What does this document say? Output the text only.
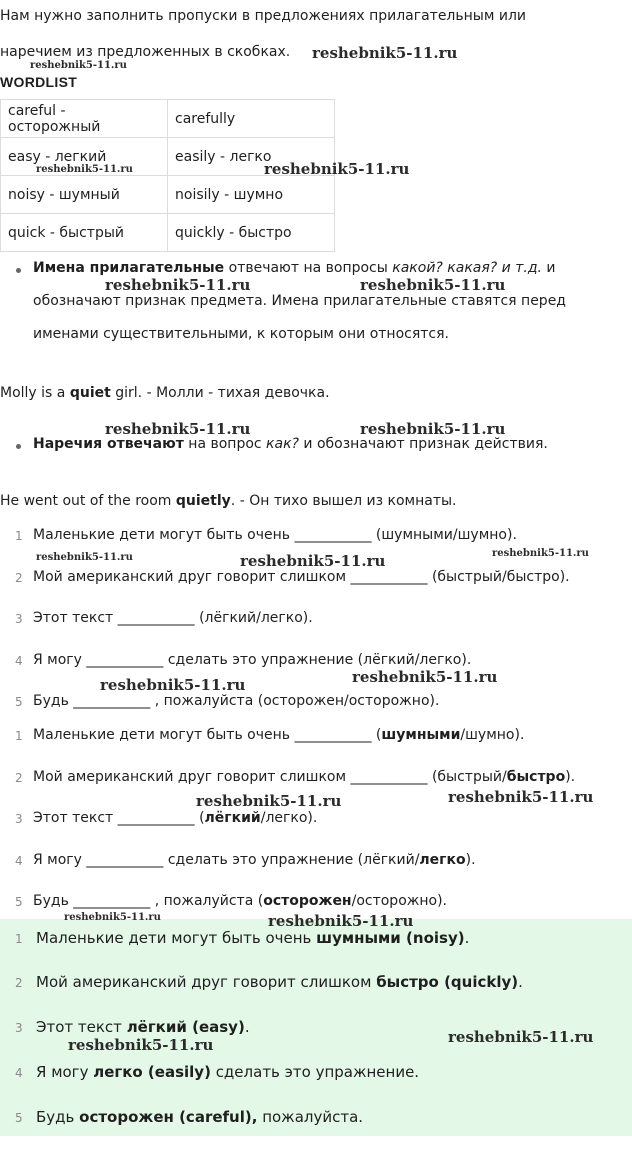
Нам нужно заполнить пропуски в предложениях прилагательным или
наречием из предложенных в скобках.
WORDLIST
careful - осторожный	carefully
easy - легкий	easily - легко
noisy - шумный	noisily - шумно
quick - быстрый	quickly - быстро
Имена прилагательные отвечают на вопросы какой? какая? и т.д. и
обозначают признак предмета. Имена прилагательные ставятся перед
именами существительными, к которым они относятся.
Molly is a quiet girl. - Молли - тихая девочка.
Наречия отвечают на вопрос как? и обозначают признак действия.
He went out of the room quietly. - Он тихо вышел из комнаты.
1 Маленькие дети могут быть очень ___________ (шумными/шумно).
2 Мой американский друг говорит слишком ___________ (быстрый/быстро).
3 Этот текст ___________ (лёгкий/легко).
4 Я могу ___________ сделать это упражнение (лёгкий/легко).
5 Будь ___________ , пожалуйста (осторожен/осторожно).
1 Маленькие дети могут быть очень ___________ (шумными/шумно).
2 Мой американский друг говорит слишком ___________ (быстрый/быстро).
3 Этот текст ___________ (лёгкий/легко).
4 Я могу ___________ сделать это упражнение (лёгкий/легко).
5 Будь ___________ , пожалуйста (осторожен/осторожно).
1 Маленькие дети могут быть очень шумными (noisy).
2 Мой американский друг говорит слишком быстро (quickly).
3 Этот текст лёгкий (easy).
4 Я могу легко (easily) сделать это упражнение.
5 Будь осторожен (careful), пожалуйста.
reshebnik5-11.ru
reshebnik5-11.ru
reshebnik5-11.ru	reshebnik5-11.ru
reshebnik5-11.ru	reshebnik5-11.ru
reshebnik5-11.ru	reshebnik5-11.ru
reshebnik5-11.ru	reshebnik5-11.ru	reshebnik5-11.ru
reshebnik5-11.ru	reshebnik5-11.ru
reshebnik5-11.ru	reshebnik5-11.ru
reshebnik5-11.ru	reshebnik5-11.ru
reshebnik5-11.ru	reshebnik5-11.ru
